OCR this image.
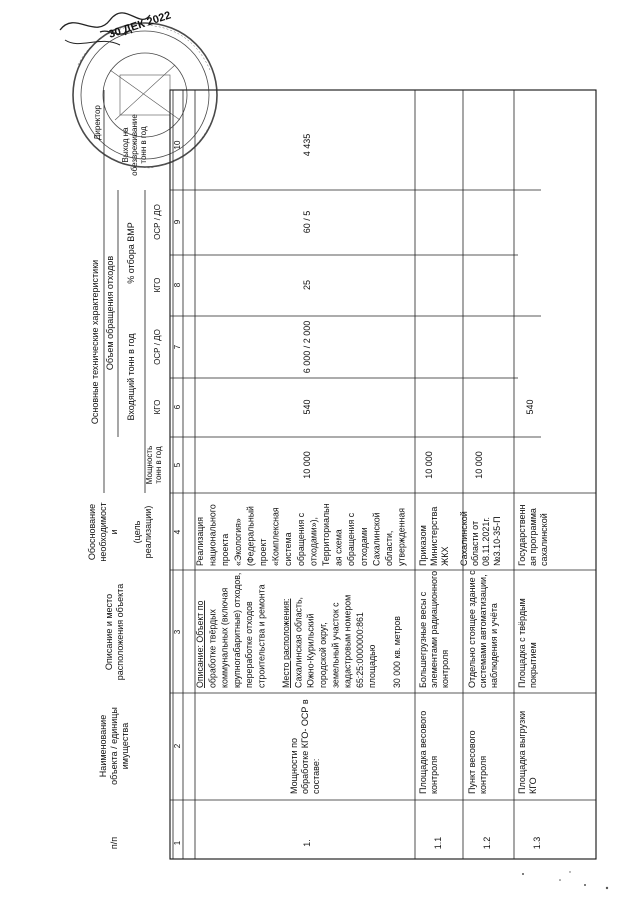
п/п
Наименование объекта / единицы имущества
Описание и место расположения объекта
Обоснование необходимост и (цель реализации)
Основные технические характеристики
Мощность тонн в год
Объем обращения отходов
Входящий тонн в год
% отбора ВМР
КГО
ОСР / ДО
КГО
ОСР / ДО
Выход на обезвреживание тонн в год
1
2
3
4
5
6
7
8
9
10
1.
Мощности по обработке КГО- ОСР в составе:
Описание: Объект по обработке твёрдых коммунальных (включая крупногабаритные) отходов, переработке отходов строительства и ремонта Место расположения: Сахалинская область, Южно-Курильский городской округ, земельный участок с кадастровым номером 65:25:0000000:861 площадью 30 000 кв. метров
Реализация национального проекта «Экология» (Федеральный проект «Комплексная система обращения с отходами»), Территориальн ая схема обращения с отходами Сахалинской области, утвержденная
10 000
540
6 000 / 2 000
25
60 / 5
4 435
1.1
Площадка весового контроля
Большегрузные весы с элементами радиационного контроля
Приказом Министерства ЖКХ
10 000
1.2
Пункт весового контроля
Отдельно стоящее здание с системами автоматизации, наблюдения и учёта
Сахалинской области от 08.11.2021г. №3.10-35-П
10 000
1.3
Площадка выгрузки КГО
Площадка с твёрдым покрытием
Государственн ая программа сахалинской
540
30 ДЕК 2022
Директор
